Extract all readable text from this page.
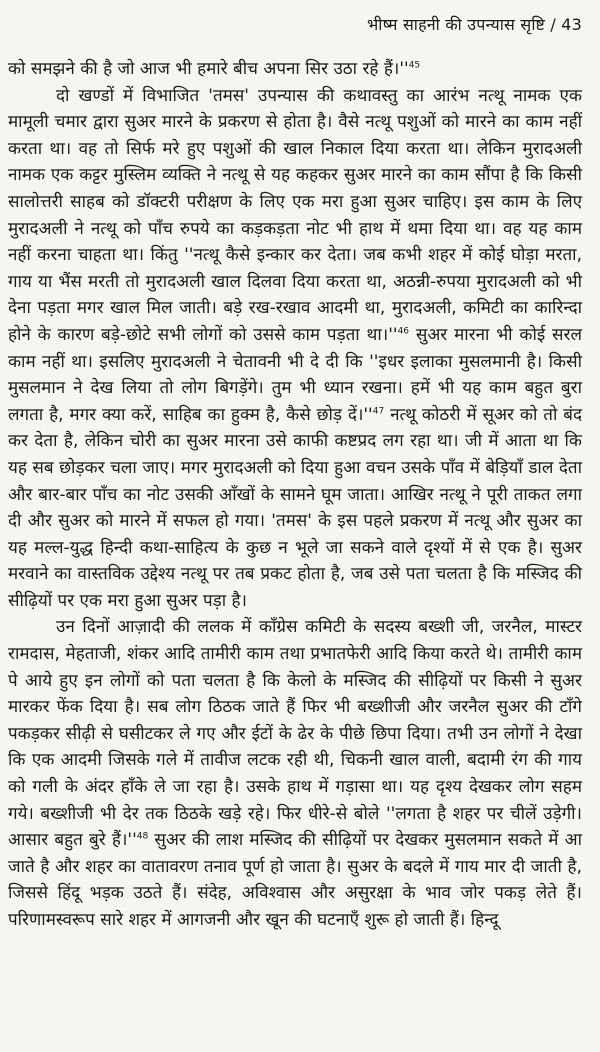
भीष्म साहनी की उपन्यास सृष्टि / 43

को समझने की है जो आज भी हमारे बीच अपना सिर उठा रहे हैं।''$^{45}$

दो खण्डों में विभाजित 'तमस' उपन्यास की कथावस्तु का आरंभ नत्थू नामक एक मामूली चमार द्वारा सुअर मारने के प्रकरण से होता है। वैसे नत्थू पशुओं को मारने का काम नहीं करता था। वह तो सिर्फ मरे हुए पशुओं की खाल निकाल दिया करता था। लेकिन मुरादअली नामक एक कट्टर मुस्लिम व्यक्ति ने नत्थू से यह कहकर सुअर मारने का काम सौंपा है कि किसी सालोत्तरी साहब को डॉक्टरी परीक्षण के लिए एक मरा हुआ सुअर चाहिए। इस काम के लिए मुरादअली ने नत्थू को पाँच रुपये का कड़कड़ता नोट भी हाथ में थमा दिया था। वह यह काम नहीं करना चाहता था। किंतु ''नत्थू कैसे इन्कार कर देता। जब कभी शहर में कोई घोड़ा मरता, गाय या भैंस मरती तो मुरादअली खाल दिलवा दिया करता था, अठन्नी-रुपया मुरादअली को भी देना पड़ता मगर खाल मिल जाती। बड़े रख-रखाव आदमी था, मुरादअली, कमिटी का कारिन्दा होने के कारण बड़े-छोटे सभी लोगों को उससे काम पड़ता था।''$^{46}$ सुअर मारना भी कोई सरल काम नहीं था। इसलिए मुरादअली ने चेतावनी भी दे दी कि ''इधर इलाका मुसलमानी है। किसी मुसलमान ने देख लिया तो लोग बिगड़ेंगे। तुम भी ध्यान रखना। हमें भी यह काम बहुत बुरा लगता है, मगर क्या करें, साहिब का हुक्म है, कैसे छोड़ दें।''$^{47}$ नत्थू कोठरी में सूअर को तो बंद कर देता है, लेकिन चोरी का सुअर मारना उसे काफी कष्टप्रद लग रहा था। जी में आता था कि यह सब छोड़कर चला जाए। मगर मुरादअली को दिया हुआ वचन उसके पाँव में बेड़ियाँ डाल देता और बार-बार पाँच का नोट उसकी आँखों के सामने घूम जाता। आखिर नत्थू ने पूरी ताकत लगा दी और सुअर को मारने में सफल हो गया। 'तमस' के इस पहले प्रकरण में नत्थू और सुअर का यह मल्ल-युद्ध हिन्दी कथा-साहित्य के कुछ न भूले जा सकने वाले दृश्यों में से एक है। सुअर मरवाने का वास्तविक उद्देश्य नत्थू पर तब प्रकट होता है, जब उसे पता चलता है कि मस्जिद की सीढ़ियों पर एक मरा हुआ सुअर पड़ा है।

उन दिनों आज़ादी की ललक में काँग्रेस कमिटी के सदस्य बख्शी जी, जरनैल, मास्टर रामदास, मेहताजी, शंकर आदि तामीरी काम तथा प्रभातफेरी आदि किया करते थे। तामीरी काम पे आये हुए इन लोगों को पता चलता है कि केलो के मस्जिद की सीढ़ियों पर किसी ने सुअर मारकर फेंक दिया है। सब लोग ठिठक जाते हैं फिर भी बख्शीजी और जरनैल सुअर की टाँगे पकड़कर सीढ़ी से घसीटकर ले गए और ईटों के ढेर के पीछे छिपा दिया। तभी उन लोगों ने देखा कि एक आदमी जिसके गले में तावीज लटक रही थी, चिकनी खाल वाली, बदामी रंग की गाय को गली के अंदर हाँके ले जा रहा है। उसके हाथ में गड़ासा था। यह दृश्य देखकर लोग सहम गये। बख्शीजी भी देर तक ठिठके खड़े रहे। फिर धीरे-से बोले ''लगता है शहर पर चीलें उड़ेगी। आसार बहुत बुरे हैं।''$^{48}$ सुअर की लाश मस्जिद की सीढ़ियों पर देखकर मुसलमान सकते में आ जाते है और शहर का वातावरण तनाव पूर्ण हो जाता है। सुअर के बदले में गाय मार दी जाती है, जिससे हिंदू भड़क उठते हैं। संदेह, अविश्वास और असुरक्षा के भाव जोर पकड़ लेते हैं। परिणामस्वरूप सारे शहर में आगजनी और खून की घटनाएँ शुरू हो जाती हैं। हिन्दू
